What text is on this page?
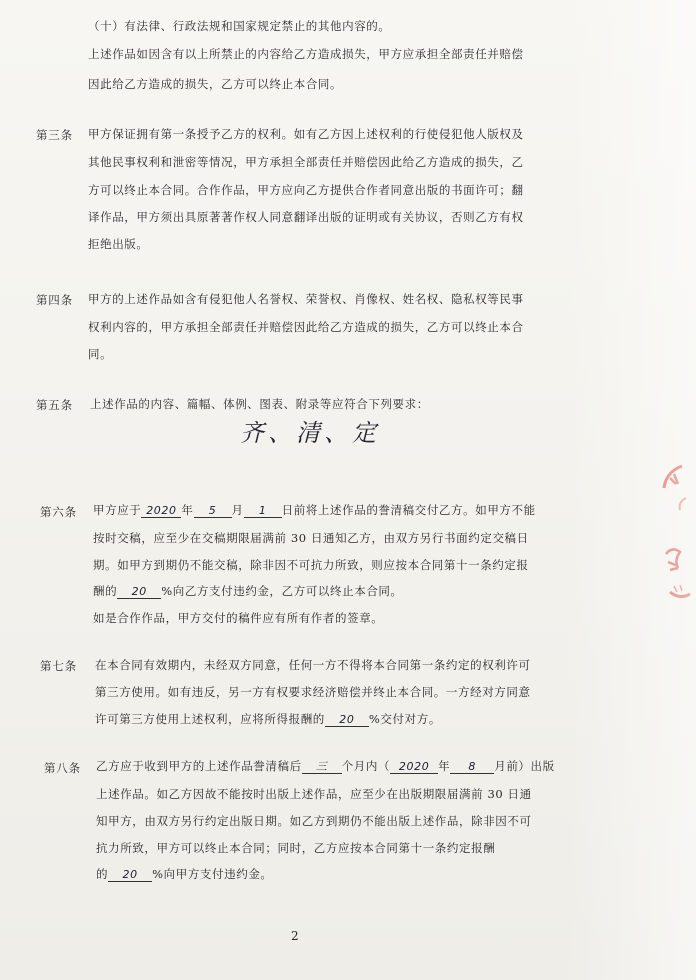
（十）有法律、行政法规和国家规定禁止的其他内容的。
上述作品如因含有以上所禁止的内容给乙方造成损失，甲方应承担全部责任并赔偿
因此给乙方造成的损失，乙方可以终止本合同。
第三条 甲方保证拥有第一条授予乙方的权利。如有乙方因上述权利的行使侵犯他人版权及
其他民事权利和泄密等情况，甲方承担全部责任并赔偿因此给乙方造成的损失，乙
方可以终止本合同。合作作品，甲方应向乙方提供合作者同意出版的书面许可；翻
译作品，甲方须出具原著著作权人同意翻译出版的证明或有关协议，否则乙方有权
拒绝出版。
第四条 甲方的上述作品如含有侵犯他人名誉权、荣誉权、肖像权、姓名权、隐私权等民事
权利内容的，甲方承担全部责任并赔偿因此给乙方造成的损失，乙方可以终止本合
同。
第五条 上述作品的内容、篇幅、体例、图表、附录等应符合下列要求：
齐、清、定
第六条 甲方应于 2020 年 5 月 1 日前将上述作品的誊清稿交付乙方。如甲方不能
按时交稿，应至少在交稿期限届满前 30 日通知乙方，由双方另行书面约定交稿日
期。如甲方到期仍不能交稿，除非因不可抗力所致，则应按本合同第十一条约定报
酬的 20 %向乙方支付违约金，乙方可以终止本合同。
如是合作作品，甲方交付的稿件应有所有作者的签章。
第七条 在本合同有效期内，未经双方同意，任何一方不得将本合同第一条约定的权利许可
第三方使用。如有违反，另一方有权要求经济赔偿并终止本合同。一方经对方同意
许可第三方使用上述权利，应将所得报酬的 20 %交付对方。
第八条 乙方应于收到甲方的上述作品誊清稿后 三 个月内（ 2020 年 8 月前）出版
上述作品。如乙方因故不能按时出版上述作品，应至少在出版期限届满前 30 日通
知甲方，由双方另行约定出版日期。如乙方到期仍不能出版上述作品，除非因不可
抗力所致，甲方可以终止本合同；同时，乙方应按本合同第十一条约定报酬
的 20 %向甲方支付违约金。
2
